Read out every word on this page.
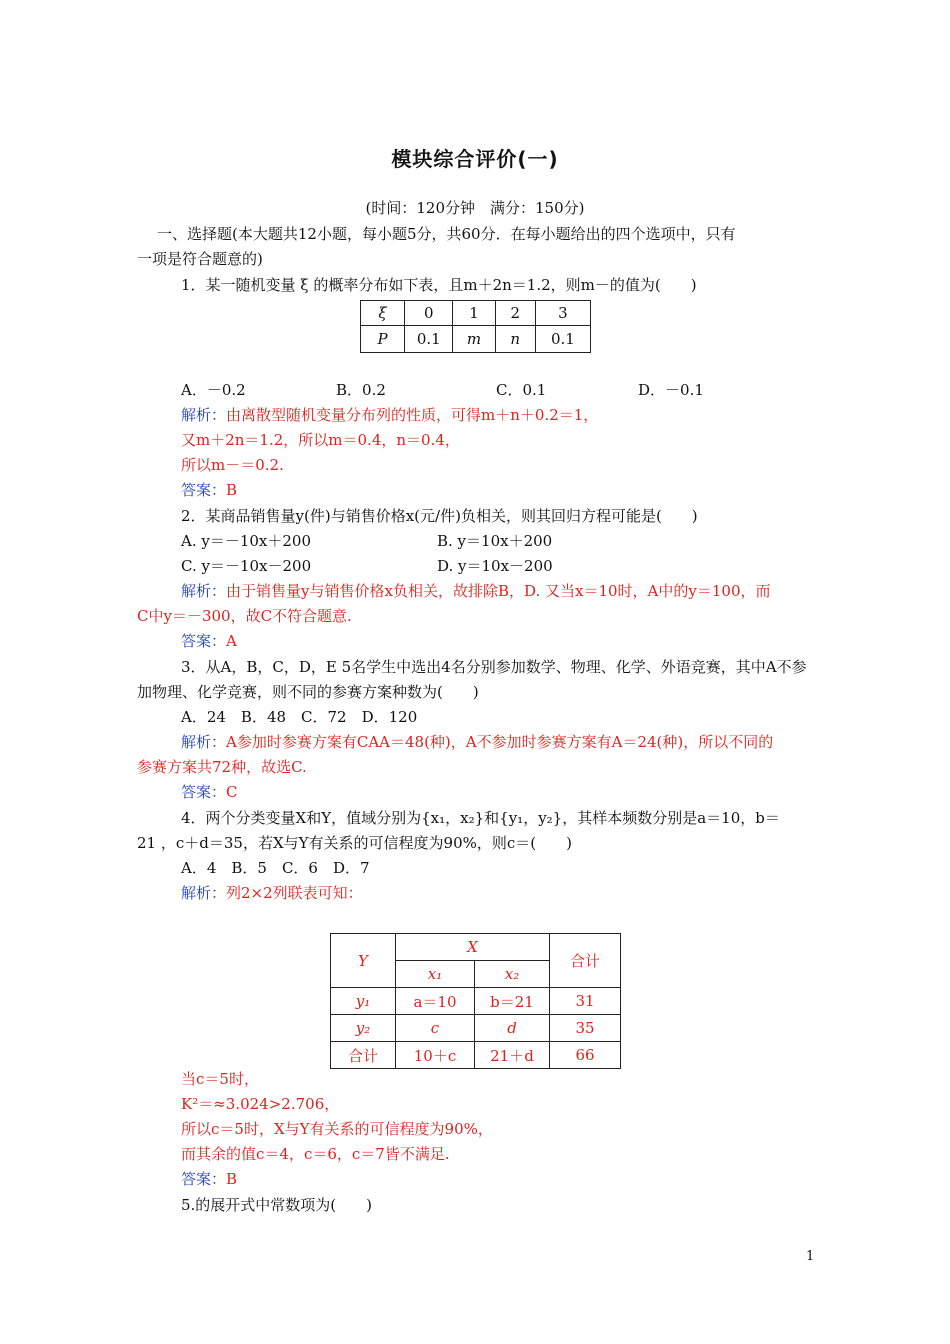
模块综合评价(一)
(时间：120分钟　满分：150分)
一、选择题(本大题共12小题，每小题5分，共60分．在每小题给出的四个选项中，只有
一项是符合题意的)
1．某一随机变量 ξ 的概率分布如下表，且m＋2n＝1.2，则m－的值为(　　)
ξ	0	1	2	3
P	0.1	m	n	0.1
A．－0.2	B．0.2	C．0.1	D．－0.1
解析：由离散型随机变量分布列的性质，可得m＋n＋0.2＝1，
又m＋2n＝1.2，所以m＝0.4，n＝0.4，
所以m－＝0.2.
答案：B
2．某商品销售量y(件)与销售价格x(元/件)负相关，则其回归方程可能是(　　)
A. y＝－10x＋200	B. y＝10x＋200
C. y＝－10x－200	D. y＝10x－200
解析：由于销售量y与销售价格x负相关，故排除B，D. 又当x＝10时，A中的y＝100，而
C中y＝－300，故C不符合题意.
答案：A
3．从A，B，C，D，E 5名学生中选出4名分别参加数学、物理、化学、外语竞赛，其中A不参
加物理、化学竞赛，则不同的参赛方案种数为(　　)
A．24　B．48　C．72　D．120
解析：A参加时参赛方案有CAA＝48(种)，A不参加时参赛方案有A＝24(种)，所以不同的
参赛方案共72种，故选C.
答案：C
4．两个分类变量X和Y，值域分别为{x₁，x₂}和{y₁，y₂}，其样本频数分别是a＝10，b＝
21 ，c＋d＝35，若X与Y有关系的可信程度为90%，则c＝(　　)
A．4　B．5　C．6　D．7
解析：列2×2列联表可知：
Y	X		合计
	x₁	x₂	
y₁	a＝10	b＝21	31
y₂	c	d	35
合计	10＋c	21＋d	66
当c＝5时，
K²＝≈3.024>2.706，
所以c＝5时，X与Y有关系的可信程度为90%，
而其余的值c＝4，c＝6，c＝7皆不满足.
答案：B
5.的展开式中常数项为(　　)
1
